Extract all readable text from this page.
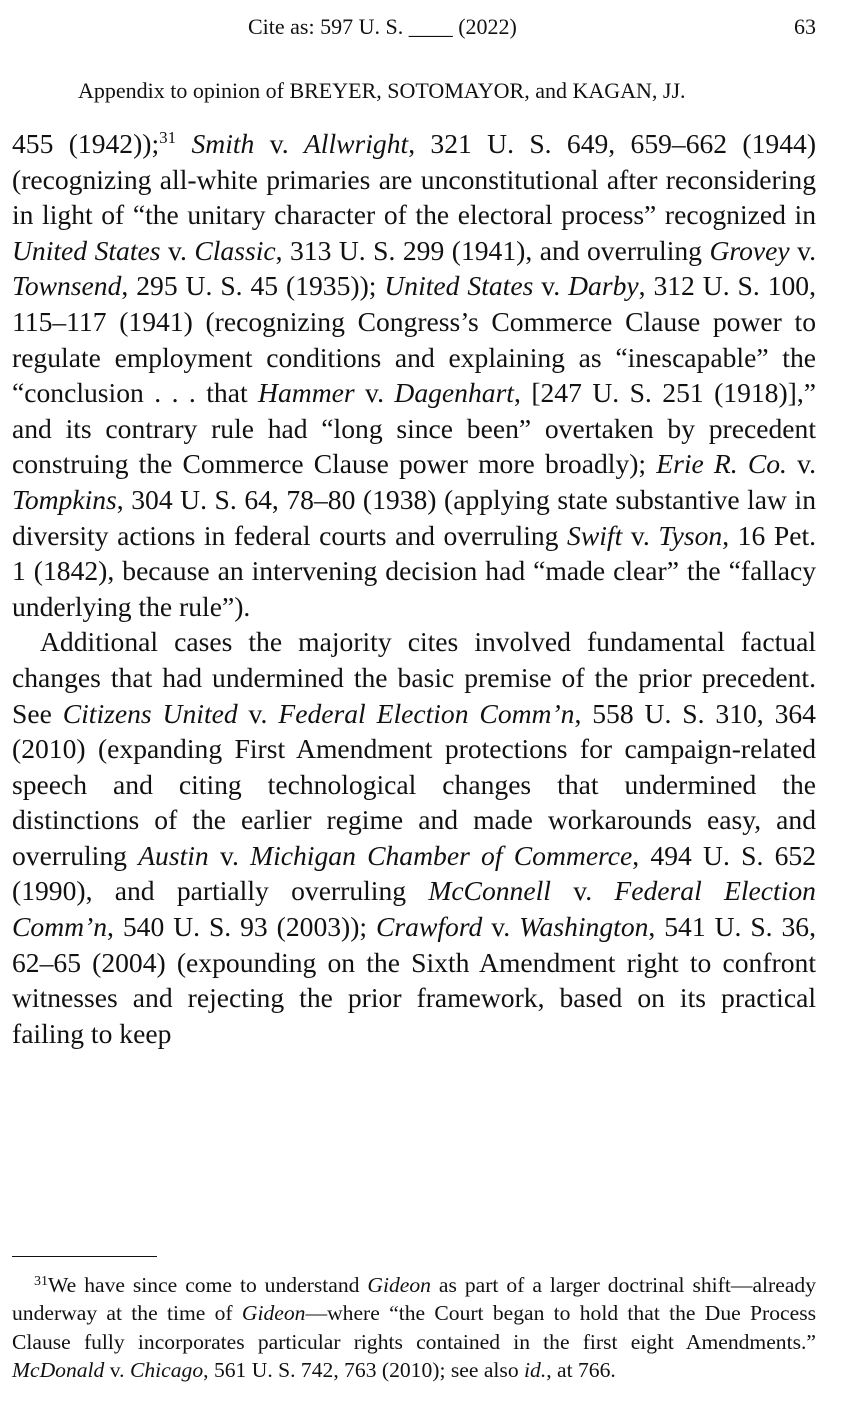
Cite as: 597 U. S. ____ (2022)	63
Appendix to opinion of BREYER, SOTOMAYOR, and KAGAN, JJ.

455 (1942));$^{31}$ Smith v. Allwright, 321 U. S. 649, 659–662 (1944) (recognizing all-white primaries are unconstitutional after reconsidering in light of “the unitary character of the electoral process” recognized in United States v. Classic, 313 U. S. 299 (1941), and overruling Grovey v. Townsend, 295 U. S. 45 (1935)); United States v. Darby, 312 U. S. 100, 115–117 (1941) (recognizing Congress’s Commerce Clause power to regulate employment conditions and explaining as “inescapable” the “conclusion . . . that Hammer v. Dagenhart, [247 U. S. 251 (1918)],” and its contrary rule had “long since been” overtaken by precedent construing the Commerce Clause power more broadly); Erie R. Co. v. Tompkins, 304 U. S. 64, 78–80 (1938) (applying state substantive law in diversity actions in federal courts and overruling Swift v. Tyson, 16 Pet. 1 (1842), because an intervening decision had “made clear” the “fallacy underlying the rule”).

Additional cases the majority cites involved fundamental factual changes that had undermined the basic premise of the prior precedent. See Citizens United v. Federal Election Comm’n, 558 U. S. 310, 364 (2010) (expanding First Amendment protections for campaign-related speech and citing technological changes that undermined the distinctions of the earlier regime and made workarounds easy, and overruling Austin v. Michigan Chamber of Commerce, 494 U. S. 652 (1990), and partially overruling McConnell v. Federal Election Comm’n, 540 U. S. 93 (2003)); Crawford v. Washington, 541 U. S. 36, 62–65 (2004) (expounding on the Sixth Amendment right to confront witnesses and rejecting the prior framework, based on its practical failing to keep

$^{31}$We have since come to understand Gideon as part of a larger doctrinal shift—already underway at the time of Gideon—where “the Court began to hold that the Due Process Clause fully incorporates particular rights contained in the first eight Amendments.” McDonald v. Chicago, 561 U. S. 742, 763 (2010); see also id., at 766.
